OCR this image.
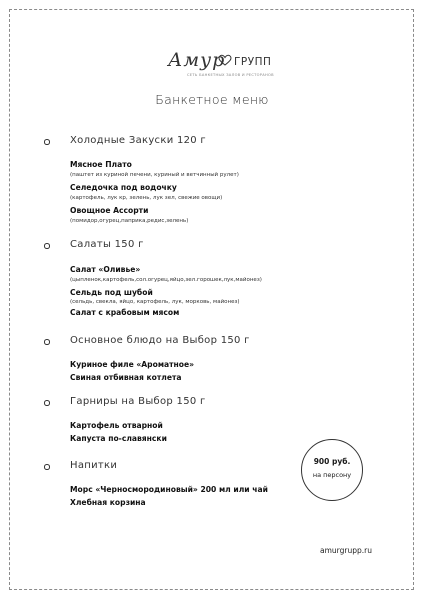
Амур ГРУПП
СЕТЬ БАНКЕТНЫХ ЗАЛОВ И РЕСТОРАНОВ
Банкетное меню
Холодные Закуски 120 г
Мясное Плато
(паштет из куриной печени, куриный и ветчинный рулет)
Селедочка под водочку
(картофель, лук кр, зелень, лук зел, свежие овощи)
Овощное Ассорти
(помидор,огурец,паприка,редис,зелень)
Салаты 150 г
Салат «Оливье»
(цыпленок,картофель,сол.огурец,яйцо,зел.горошек,лук,майонез)
Сельдь под шубой
(сельдь, свекла, яйцо, картофель, лук, морковь, майонез)
Салат с крабовым мясом
Основное блюдо на Выбор 150 г
Куриное филе «Ароматное»
Свиная отбивная котлета
Гарниры на Выбор 150 г
Картофель отварной
Капуста по-славянски
Напитки
Морс «Черносмородиновый» 200 мл или чай
Хлебная корзина
900 руб.
на персону
amurgrupp.ru
